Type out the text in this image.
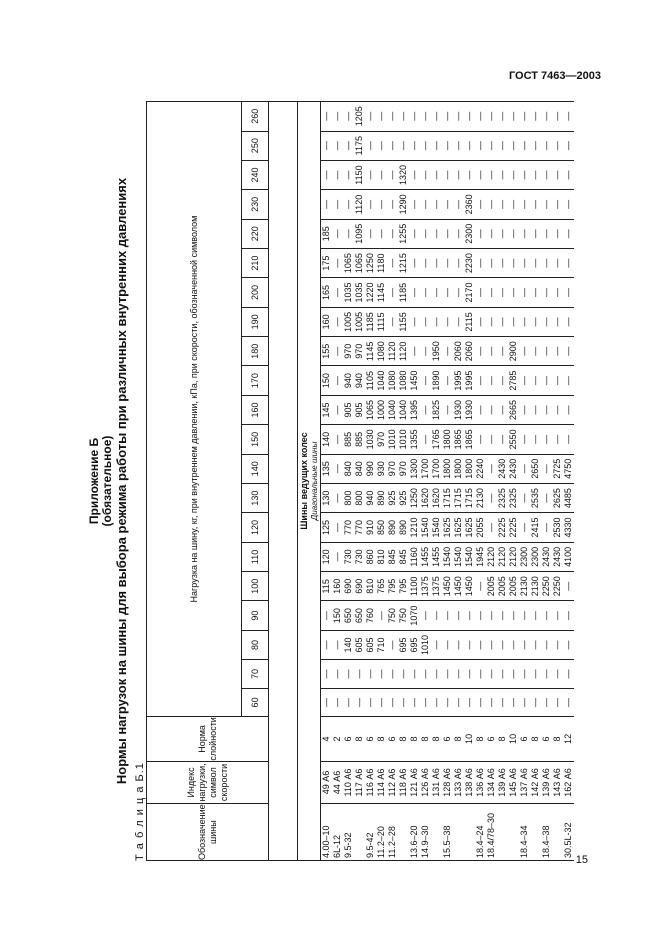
ГОСТ 7463—2003
15
Приложение Б (обязательное) Нормы нагрузок на шины для выбора режима работы при различных внутренних давлениях
Т а б л и ц а Б.1	Обозначение шины	Индекс нагрузки, символ скорости	Норма слойности	Нагрузка на шину, кг, при внутреннем давлении, кПа, при скорости, обозначенной символом																				
			60	70	80	90	100	110	120	130	140	150	160	170	180	190	200	210	220	230	240	250	260

Шины ведущих колес Диагональные шины																							

4.00–10	49 А6	4	—	—	—	—	115	120	125	130	135	140	145	150	155	160	165	175	185	—	—	—	—
6L-12	44 А6	2	—	—	—	150	160	—	—	—	—	—	—	—	—	—	—	—	—	—	—	—	—
9.5-32	110 А6	6	—	—	140	650	690	730	770	800	840	885	905	940	970	1005	1035	1065	—	—	—	—	—
	117 А6	8	—	—	605	650	690	730	770	800	840	885	905	940	970	1005	1035	1065	1095	1120	1150	1175	1205
9.5-42	116 А6	6	—	—	605	760	810	860	910	940	990	1030	1065	1105	1145	1185	1220	1250	—	—	—	—	—
11.2–20	114 А6	8	—	—	710	—	765	810	850	890	930	970	1000	1040	1080	1115	1145	1180	—	—	—	—	—
11.2–28	112 А6	6	—	—	—	750	795	845	890	925	970	1010	1040	1080	1120	—	—	—	—	—	—	—	—
	118 А6	8	—	—	695	750	795	845	890	925	970	1010	1040	1080	1120	1155	1185	1215	1255	1290	1320	—	—
13.6–20	121 А6	8	—	—	695	1070	1100	1160	1210	1250	1300	1355	1395	1450	—	—	—	—	—	—	—	—	—
14.9–30	126 А6	8	—	—	1010	—	1375	1455	1540	1620	1700	—	—	—	—	—	—	—	—	—	—	—	—
	131 А6	8	—	—	—	—	1375	1455	1540	1620	1700	1765	1825	1890	1950	—	—	—	—	—	—	—	—
15.5–38	128 А6	6	—	—	—	—	1450	1540	1625	1715	1800	1800	—	—	—	—	—	—	—	—	—	—	—
	133 А6	8	—	—	—	—	1450	1540	1625	1715	1800	1865	1930	1995	2060	—	—	—	—	—	—	—	—
	138 А6	10	—	—	—	—	1450	1540	1625	1715	1800	1865	1930	1995	2060	2115	2170	2230	2300	2360	—	—	—
18.4–24	136 А6	8	—	—	—	—	—	1945	2055	2130	2240	—	—	—	—	—	—	—	—	—	—	—	—
18.4/78–30	134 А6	6	—	—	—	—	2005	2120	—	—	—	—	—	—	—	—	—	—	—	—	—	—	—
	139 А6	8	—	—	—	—	2005	2120	2225	2325	2430	—	—	—	—	—	—	—	—	—	—	—	—
	145 А6	10	—	—	—	—	2005	2120	2225	2325	2430	2550	2665	2785	2900	—	—	—	—	—	—	—	—
18.4–34	137 А6	6	—	—	—	—	2130	2300	—	—	—	—	—	—	—	—	—	—	—	—	—	—	—
	142 А6	8	—	—	—	—	2130	2300	2415	2535	2650	—	—	—	—	—	—	—	—	—	—	—	—
18.4–38	139 А6	6	—	—	—	—	2250	2430	—	—	—	—	—	—	—	—	—	—	—	—	—	—	—
	143 А6	8	—	—	—	—	2250	2430	2530	2625	2725	—	—	—	—	—	—	—	—	—	—	—	—
30.5L-32	162 А6	12	—	—	—	—	—	4100	4330	4485	4750	—	—	—	—	—	—	—	—	—	—	—	—
